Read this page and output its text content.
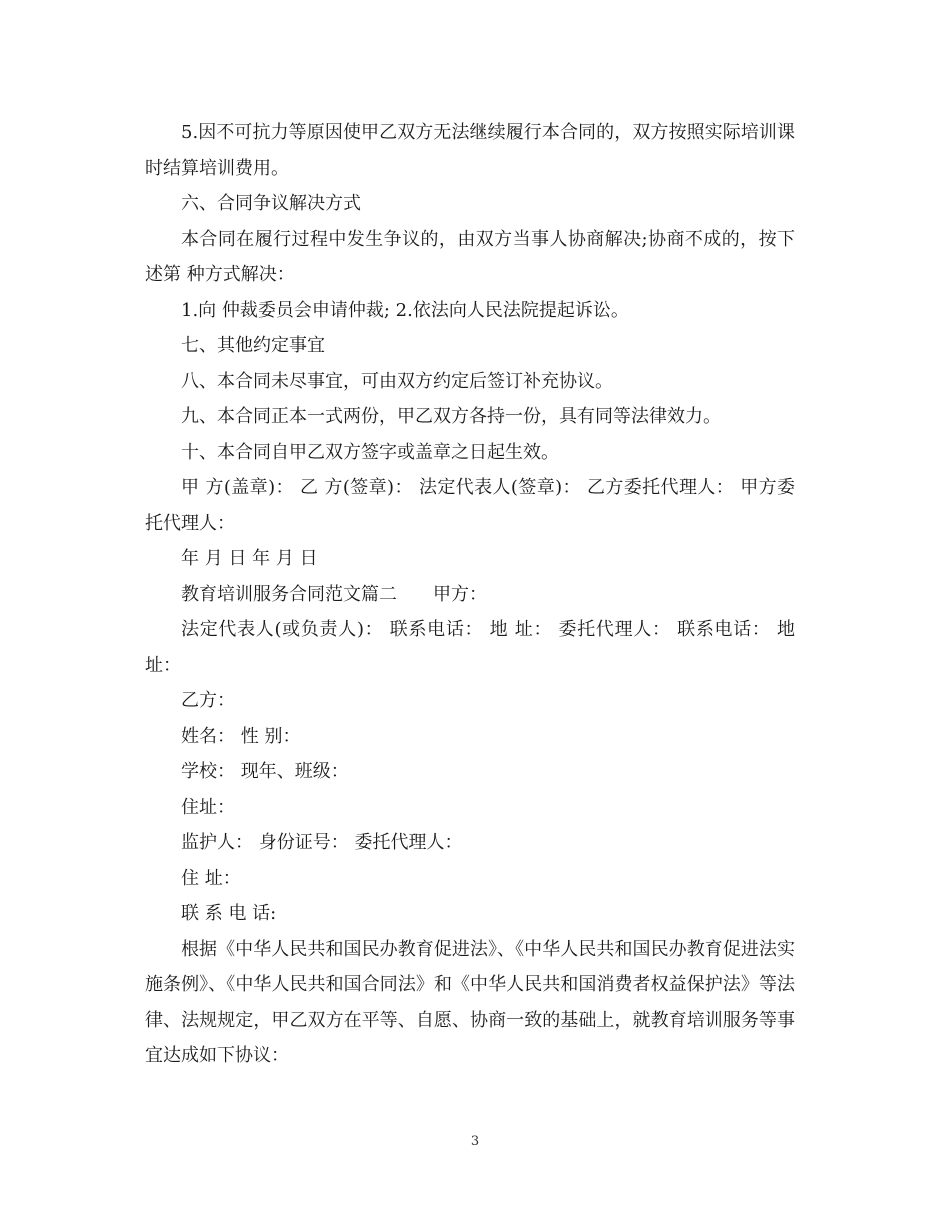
5.因不可抗力等原因使甲乙双方无法继续履行本合同的，双方按照实际培训课时结算培训费用。

六、合同争议解决方式

本合同在履行过程中发生争议的，由双方当事人协商解决;协商不成的，按下述第 种方式解决：

1.向 仲裁委员会申请仲裁; 2.依法向人民法院提起诉讼。

七、其他约定事宜

八、本合同未尽事宜，可由双方约定后签订补充协议。

九、本合同正本一式两份，甲乙双方各持一份，具有同等法律效力。

十、本合同自甲乙双方签字或盖章之日起生效。

甲 方(盖章)： 乙 方(签章)： 法定代表人(签章)： 乙方委托代理人： 甲方委托代理人：

年 月 日 年 月 日

教育培训服务合同范文篇二　　甲方：

法定代表人(或负责人)： 联系电话： 地 址： 委托代理人： 联系电话： 地址：

乙方：

姓名： 性 别：

学校： 现年、班级：

住址：

监护人： 身份证号： 委托代理人：

住 址：

联 系 电 话:

根据《中华人民共和国民办教育促进法》、《中华人民共和国民办教育促进法实施条例》、《中华人民共和国合同法》和《中华人民共和国消费者权益保护法》等法律、法规规定，甲乙双方在平等、自愿、协商一致的基础上，就教育培训服务等事宜达成如下协议：

3
